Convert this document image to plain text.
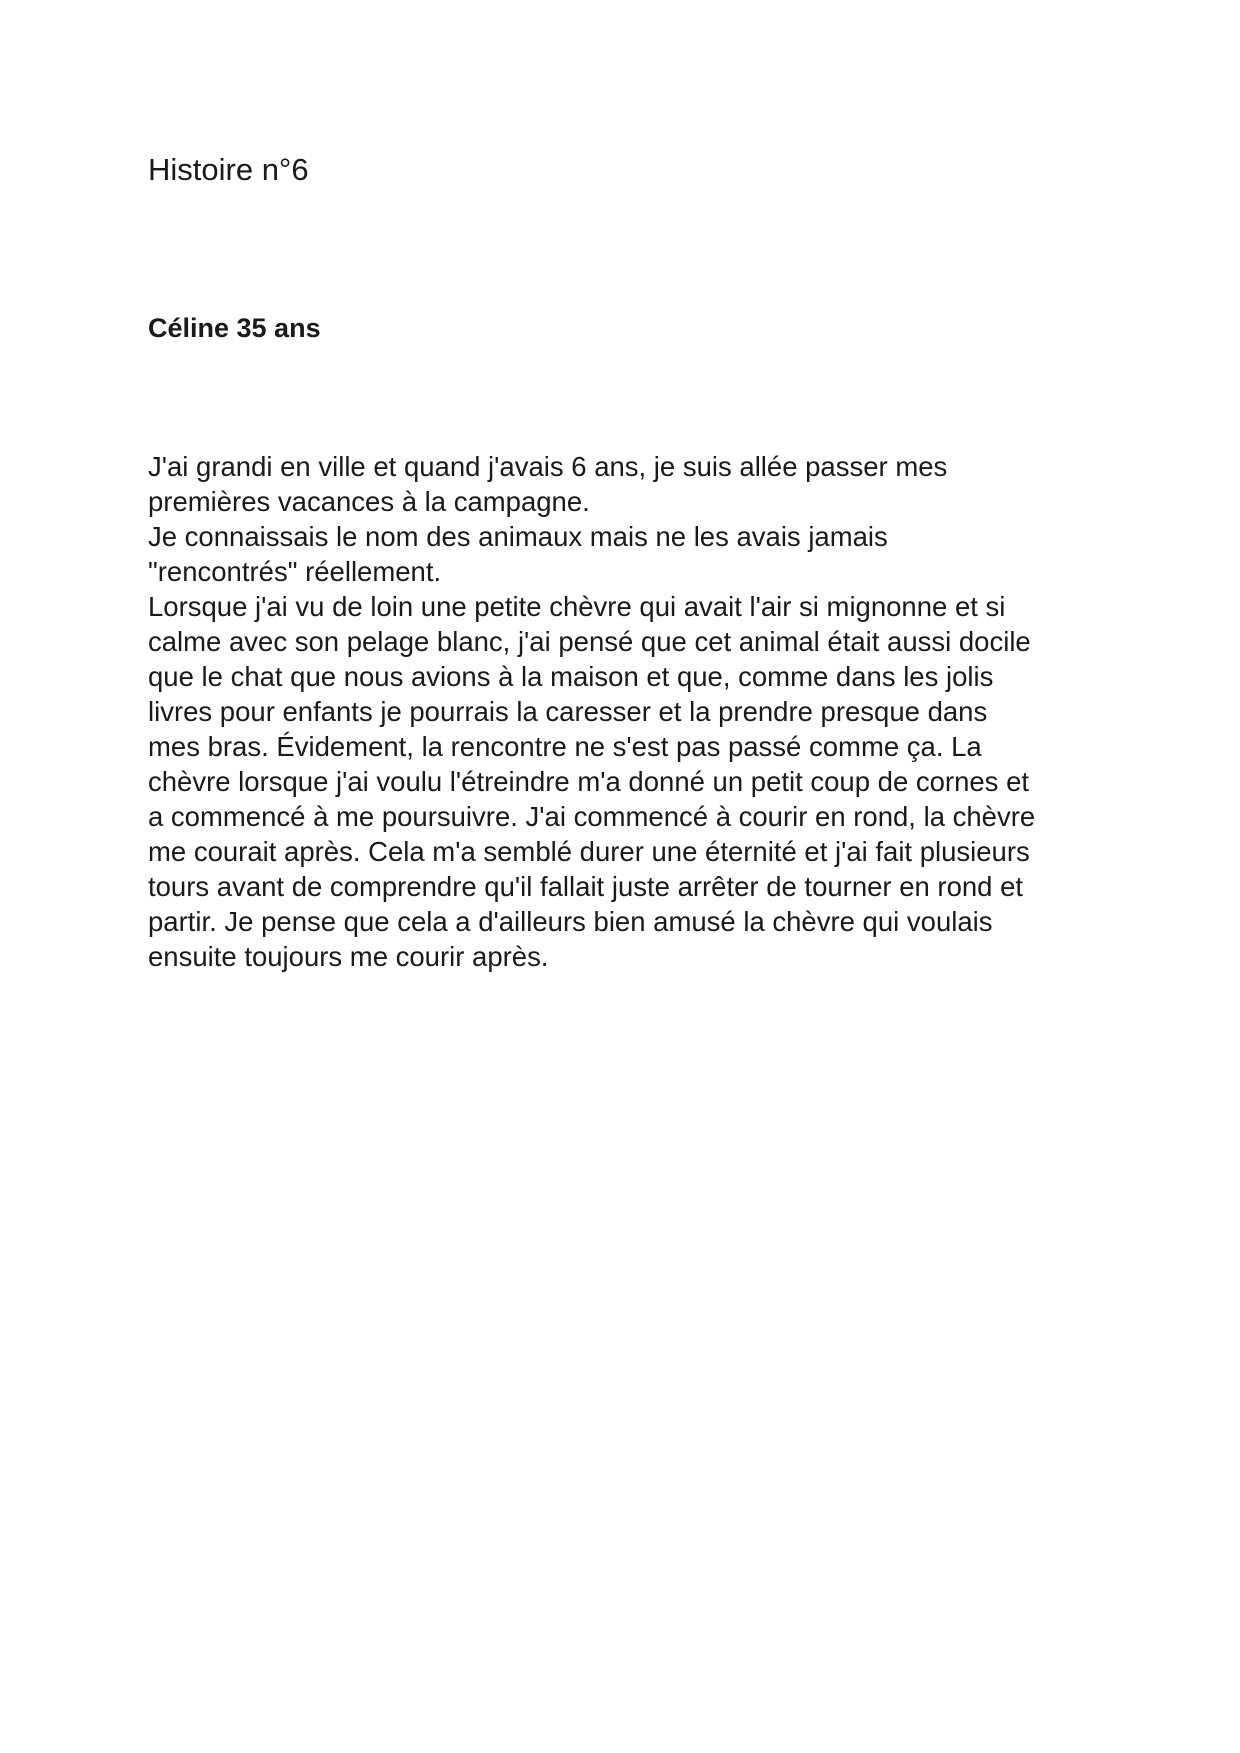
Histoire n°6
Céline 35 ans

J'ai grandi en ville et quand j'avais 6 ans, je suis allée passer mes
premières vacances à la campagne.
Je connaissais le nom des animaux mais ne les avais jamais
"rencontrés" réellement.
Lorsque j'ai vu de loin une petite chèvre qui avait l'air si mignonne et si
calme avec son pelage blanc, j'ai pensé que cet animal était aussi docile
que le chat que nous avions à la maison et que, comme dans les jolis
livres pour enfants je pourrais la caresser et la prendre presque dans
mes bras. Évidement, la rencontre ne s'est pas passé comme ça. La
chèvre lorsque j'ai voulu l'étreindre m'a donné un petit coup de cornes et
a commencé à me poursuivre. J'ai commencé à courir en rond, la chèvre
me courait après. Cela m'a semblé durer une éternité et j'ai fait plusieurs
tours avant de comprendre qu'il fallait juste arrêter de tourner en rond et
partir. Je pense que cela a d'ailleurs bien amusé la chèvre qui voulais
ensuite toujours me courir après.
